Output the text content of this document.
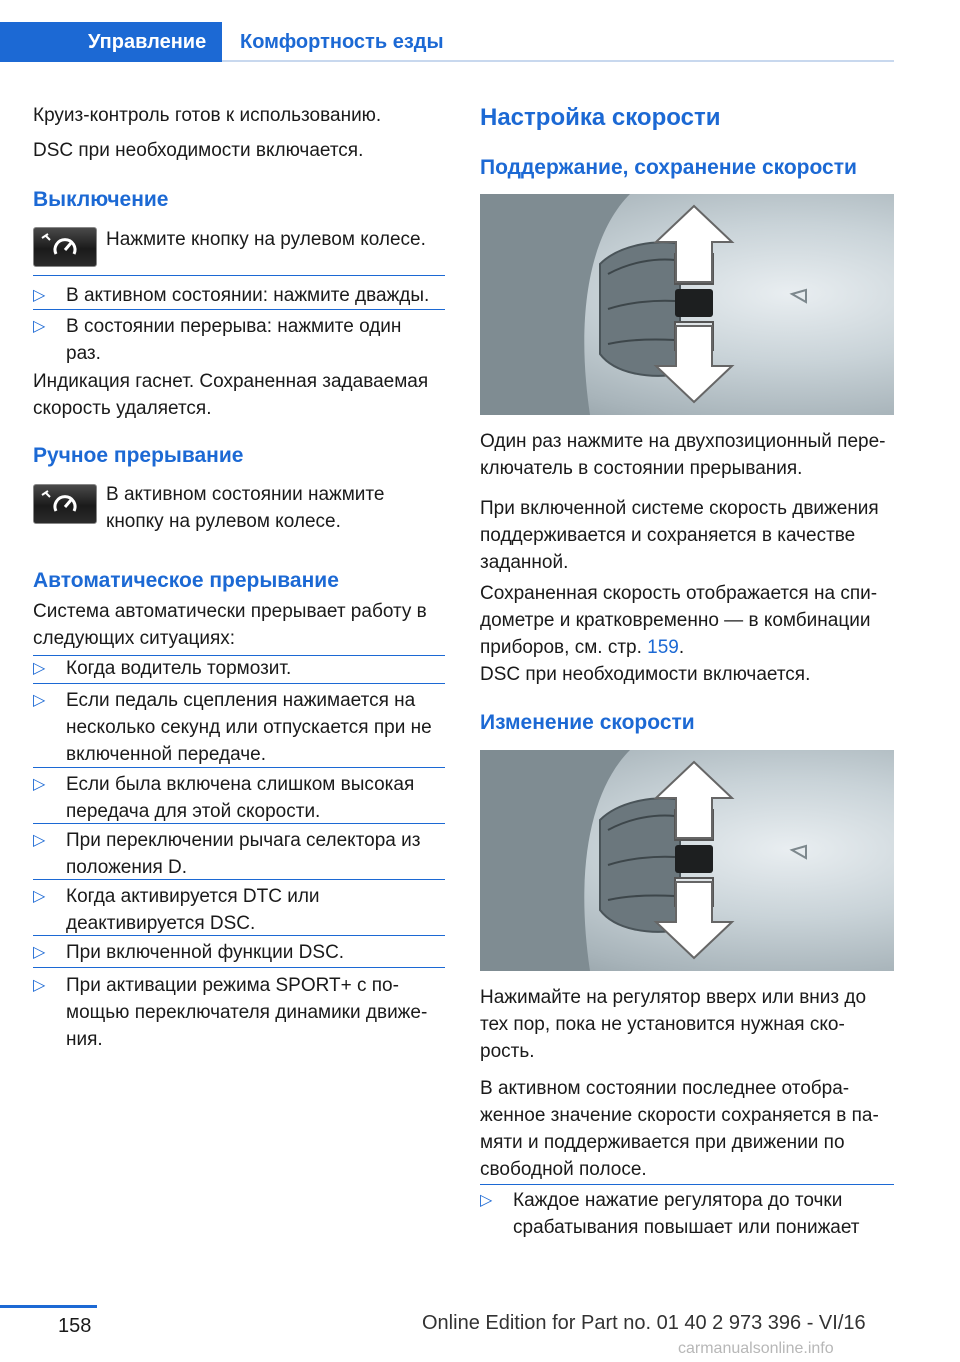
Управление	Комфортность езды

Круиз-контроль готов к использованию.

DSC при необходимости включается.

Выключение

Нажмите кнопку на рулевом колесе.

▷ В активном состоянии: нажмите дважды.
▷ В состоянии перерыва: нажмите один
раз.

Индикация гаснет. Сохраненная задаваемая

скорость удаляется.

Ручное прерывание

В активном состоянии нажмите

кнопку на рулевом колесе.

Автоматическое прерывание

Система автоматически прерывает работу в

следующих ситуациях:

▷ Когда водитель тормозит.
▷ Если педаль сцепления нажимается на
несколько секунд или отпускается при не
включенной передаче.
▷ Если была включена слишком высокая
передача для этой скорости.
▷ При переключении рычага селектора из
положения D.
▷ Когда активируется DTC или
деактивируется DSC.
▷ При включенной функции DSC.
▷ При активации режима SPORT+ с по-
мощью переключателя динамики движе-
ния.
Настройка скорости
Поддержание, сохранение скорости

Один раз нажмите на двухпозиционный пере-

ключатель в состоянии прерывания.

При включенной системе скорость движения

поддерживается и сохраняется в качестве

заданной.

Сохраненная скорость отображается на спи-

дометре и кратковременно — в комбинации

приборов, см. стр. 159.

DSC при необходимости включается.

Изменение скорости

Нажимайте на регулятор вверх или вниз до

тех пор, пока не установится нужная ско-

рость.

В активном состоянии последнее отобра-

женное значение скорости сохраняется в па-

мяти и поддерживается при движении по

свободной полосе.

▷ Каждое нажатие регулятора до точки
срабатывания повышает или понижает
158	Online Edition for Part no. 01 40 2 973 396 - VI/16
carmanualsonline.info
